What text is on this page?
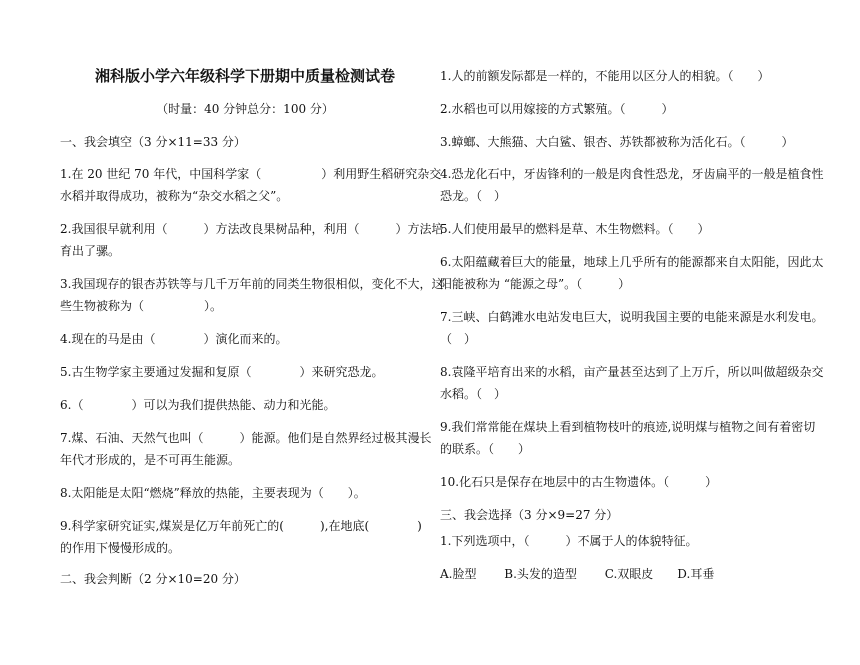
湘科版小学六年级科学下册期中质量检测试卷
（时量：40 分钟总分：100 分）
一、我会填空（3 分×11=33 分）
1.在 20 世纪 70 年代，中国科学家（　　　　　）利用野生稻研究杂交
水稻并取得成功，被称为“杂交水稻之父”。
2.我国很早就利用（　　　）方法改良果树品种，利用（　　　）方法培
育出了骡。
3.我国现存的银杏苏铁等与几千万年前的同类生物很相似，变化不大，这
些生物被称为（　　　　　）。
4.现在的马是由（　　　　）演化而来的。
5.古生物学家主要通过发掘和复原（　　　　）来研究恐龙。
6.（　　　　）可以为我们提供热能、动力和光能。
7.煤、石油、天然气也叫（　　　）能源。他们是自然界经过极其漫长
年代才形成的，是不可再生能源。
8.太阳能是太阳“燃烧”释放的热能，主要表现为（　　）。
9.科学家研究证实,煤炭是亿万年前死亡的(　　　),在地底(　　　　)
的作用下慢慢形成的。
二、我会判断（2 分×10=20 分）
1.人的前额发际都是一样的，不能用以区分人的相貌。（　　）
2.水稻也可以用嫁接的方式繁殖。（　　　）
3.蟑螂、大熊猫、大白鲨、银杏、苏铁都被称为活化石。（　　　）
4.恐龙化石中，牙齿锋利的一般是肉食性恐龙，牙齿扁平的一般是植食性
恐龙。（　）
5.人们使用最早的燃料是草、木生物燃料。（　　）
6.太阳蕴藏着巨大的能量，地球上几乎所有的能源都来自太阳能，因此太
阳能被称为 “能源之母”。（　　　）
7.三峡、白鹤滩水电站发电巨大，说明我国主要的电能来源是水利发电。
（　）
8.袁隆平培育出来的水稻，亩产量甚至达到了上万斤，所以叫做超级杂交
水稻。（　）
9.我们常常能在煤块上看到植物枝叶的痕迹,说明煤与植物之间有着密切
的联系。（　　）
10.化石只是保存在地层中的古生物遗体。（　　　）
三、我会选择（3 分×9=27 分）
1.下列选项中，（　　　）不属于人的体貌特征。
A.脸型　　 B.头发的造型　　 C.双眼皮　　D.耳垂
